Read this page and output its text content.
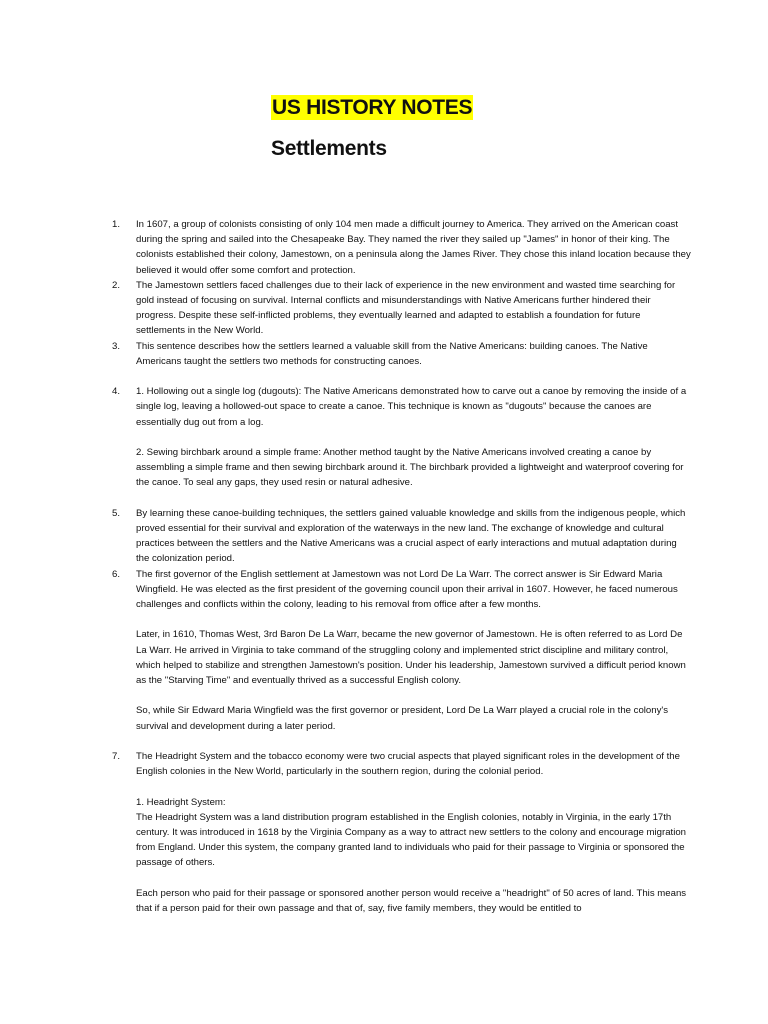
US HISTORY NOTES
Settlements
1. In 1607, a group of colonists consisting of only 104 men made a difficult journey to America. They arrived on the American coast during the spring and sailed into the Chesapeake Bay. They named the river they sailed up "James" in honor of their king. The colonists established their colony, Jamestown, on a peninsula along the James River. They chose this inland location because they believed it would offer some comfort and protection.

2. The Jamestown settlers faced challenges due to their lack of experience in the new environment and wasted time searching for gold instead of focusing on survival. Internal conflicts and misunderstandings with Native Americans further hindered their progress. Despite these self-inflicted problems, they eventually learned and adapted to establish a foundation for future settlements in the New World.

3. This sentence describes how the settlers learned a valuable skill from the Native Americans: building canoes. The Native Americans taught the settlers two methods for constructing canoes.

4. 1. Hollowing out a single log (dugouts): The Native Americans demonstrated how to carve out a canoe by removing the inside of a single log, leaving a hollowed-out space to create a canoe. This technique is known as "dugouts" because the canoes are essentially dug out from a log.

2. Sewing birchbark around a simple frame: Another method taught by the Native Americans involved creating a canoe by assembling a simple frame and then sewing birchbark around it. The birchbark provided a lightweight and waterproof covering for the canoe. To seal any gaps, they used resin or natural adhesive.

5. By learning these canoe-building techniques, the settlers gained valuable knowledge and skills from the indigenous people, which proved essential for their survival and exploration of the waterways in the new land. The exchange of knowledge and cultural practices between the settlers and the Native Americans was a crucial aspect of early interactions and mutual adaptation during the colonization period.

6. The first governor of the English settlement at Jamestown was not Lord De La Warr. The correct answer is Sir Edward Maria Wingfield. He was elected as the first president of the governing council upon their arrival in 1607. However, he faced numerous challenges and conflicts within the colony, leading to his removal from office after a few months.

Later, in 1610, Thomas West, 3rd Baron De La Warr, became the new governor of Jamestown. He is often referred to as Lord De La Warr. He arrived in Virginia to take command of the struggling colony and implemented strict discipline and military control, which helped to stabilize and strengthen Jamestown's position. Under his leadership, Jamestown survived a difficult period known as the "Starving Time" and eventually thrived as a successful English colony.

So, while Sir Edward Maria Wingfield was the first governor or president, Lord De La Warr played a crucial role in the colony's survival and development during a later period.

7. The Headright System and the tobacco economy were two crucial aspects that played significant roles in the development of the English colonies in the New World, particularly in the southern region, during the colonial period.

1. Headright System:
The Headright System was a land distribution program established in the English colonies, notably in Virginia, in the early 17th century. It was introduced in 1618 by the Virginia Company as a way to attract new settlers to the colony and encourage migration from England. Under this system, the company granted land to individuals who paid for their passage to Virginia or sponsored the passage of others.

Each person who paid for their passage or sponsored another person would receive a "headright" of 50 acres of land. This means that if a person paid for their own passage and that of, say, five family members, they would be entitled to
